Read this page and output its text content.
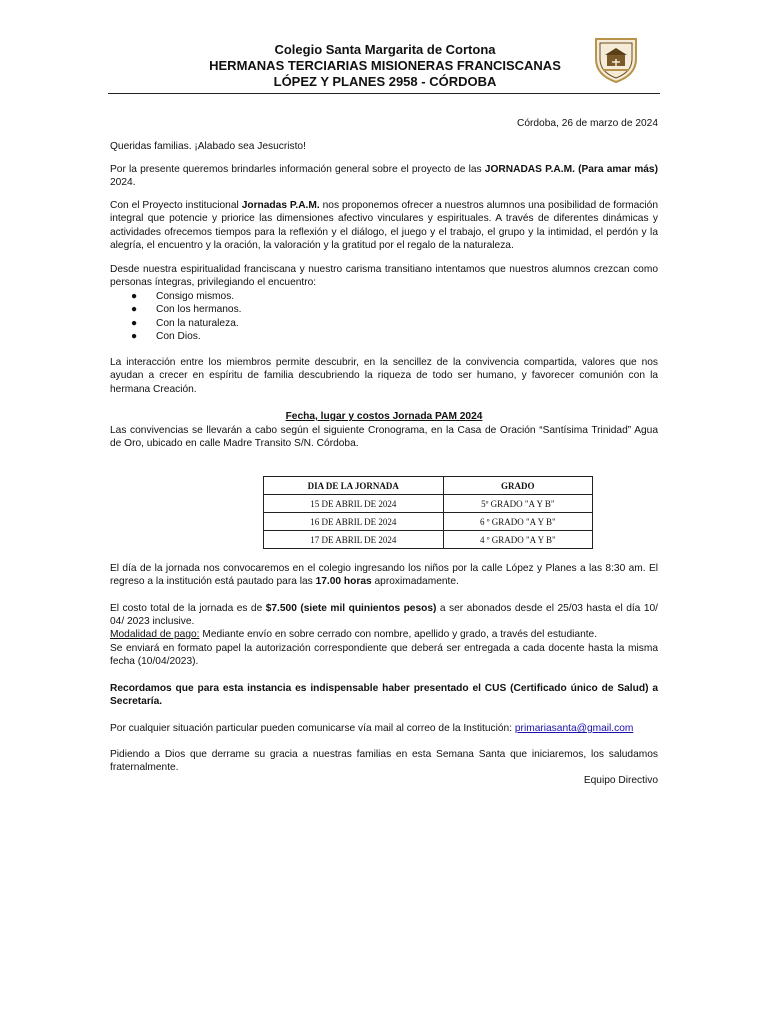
Colegio Santa Margarita de Cortona
HERMANAS TERCIARIAS MISIONERAS FRANCISCANAS
LÓPEZ Y PLANES 2958 - CÓRDOBA
Córdoba, 26 de marzo de 2024
Queridas familias. ¡Alabado sea Jesucristo!
Por la presente queremos brindarles información general sobre el proyecto de las JORNADAS P.A.M. (Para amar más) 2024.
Con el Proyecto institucional Jornadas P.A.M. nos proponemos ofrecer a nuestros alumnos una posibilidad de formación integral que potencie y priorice las dimensiones afectivo vinculares y espirituales. A través de diferentes dinámicas y actividades ofrecemos tiempos para la reflexión y el diálogo, el juego y el trabajo, el grupo y la intimidad, el perdón y la alegría, el encuentro y la oración, la valoración y la gratitud por el regalo de la naturaleza.
Desde nuestra espiritualidad franciscana y nuestro carisma transitiano intentamos que nuestros alumnos crezcan como personas íntegras, privilegiando el encuentro:
● Consigo mismos.
● Con los hermanos.
● Con la naturaleza.
● Con Dios.
La interacción entre los miembros permite descubrir, en la sencillez de la convivencia compartida, valores que nos ayudan a crecer en espíritu de familia descubriendo la riqueza de todo ser humano, y favorecer comunión con la hermana Creación.
Fecha, lugar y costos Jornada PAM 2024
Las convivencias se llevarán a cabo según el siguiente Cronograma, en la Casa de Oración “Santísima Trinidad” Agua de Oro, ubicado en calle Madre Transito S/N. Córdoba.
DIA DE LA JORNADA	GRADO
15 DE ABRIL DE 2024	5º GRADO "A Y B"
16 DE ABRIL DE 2024	6 º GRADO "A Y B"
17 DE ABRIL DE 2024	4 º GRADO "A Y B"
El día de la jornada nos convocaremos en el colegio ingresando los niños por la calle López y Planes a las 8:30 am. El regreso a la institución está pautado para las 17.00 horas aproximadamente.
El costo total de la jornada es de $7.500 (siete mil quinientos pesos) a ser abonados desde el 25/03 hasta el día 10/ 04/ 2023 inclusive.
Modalidad de pago: Mediante envío en sobre cerrado con nombre, apellido y grado, a través del estudiante.
Se enviará en formato papel la autorización correspondiente que deberá ser entregada a cada docente hasta la misma fecha (10/04/2023).
Recordamos que para esta instancia es indispensable haber presentado el CUS (Certificado único de Salud) a Secretaría.
Por cualquier situación particular pueden comunicarse vía mail al correo de la Institución: primariasanta@gmail.com
Pidiendo a Dios que derrame su gracia a nuestras familias en esta Semana Santa que iniciaremos, los saludamos fraternalmente.
Equipo Directivo
